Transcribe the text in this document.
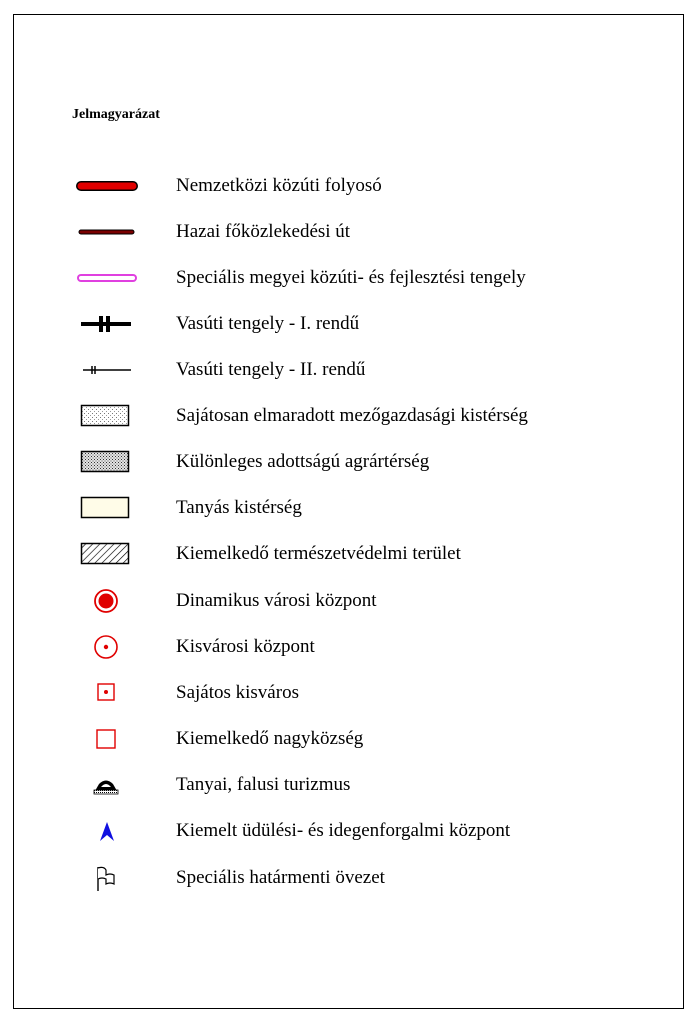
Jelmagyarázat
Nemzetközi közúti folyosó
Hazai főközlekedési út
Speciális megyei közúti- és fejlesztési tengely
Vasúti tengely - I. rendű
Vasúti tengely - II. rendű
Sajátosan elmaradott mezőgazdasági kistérség
Különleges adottságú agrártérség
Tanyás kistérség
Kiemelkedő természetvédelmi terület
Dinamikus városi központ
Kisvárosi központ
Sajátos kisváros
Kiemelkedő nagyközség
Tanyai, falusi turizmus
Kiemelt üdülési- és idegenforgalmi központ
Speciális határmenti övezet
